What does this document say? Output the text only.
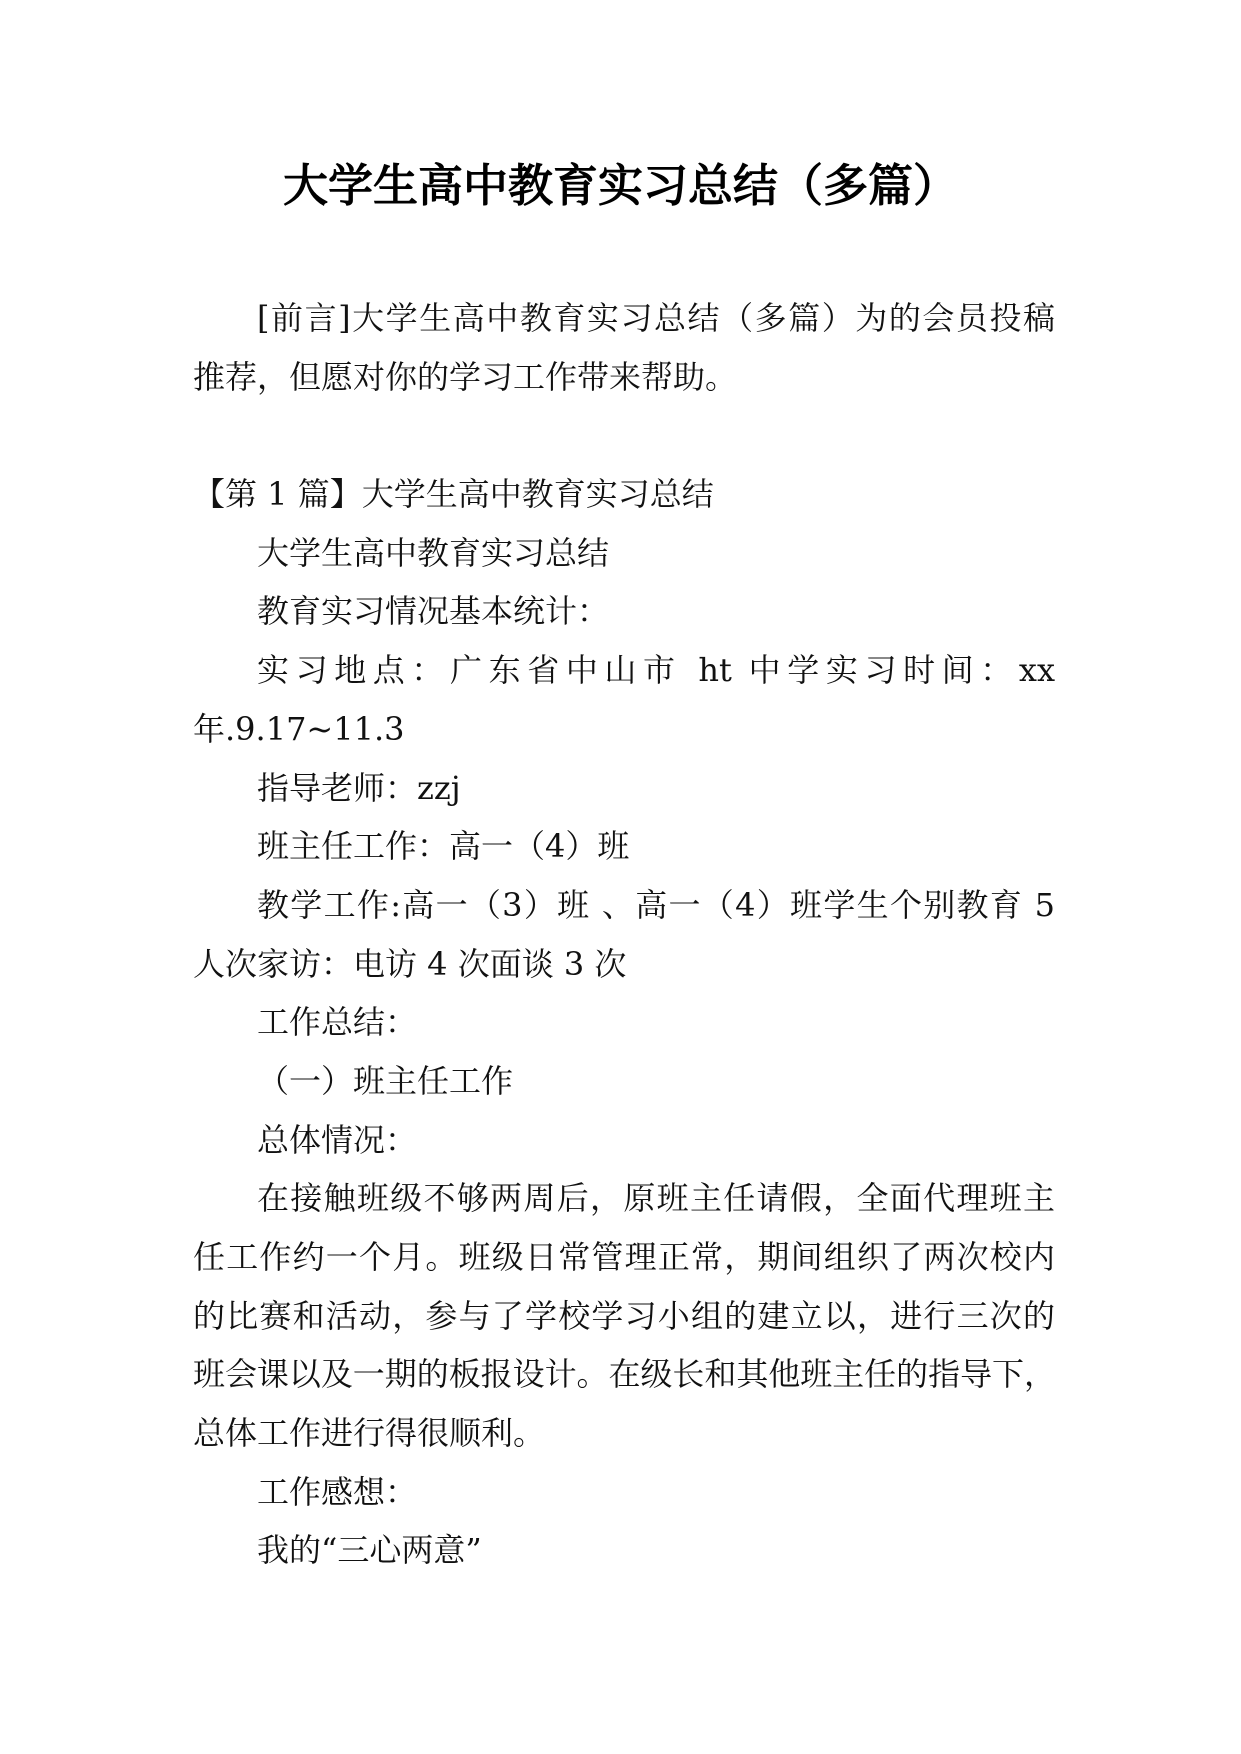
大学生高中教育实习总结（多篇）

[前言]大学生高中教育实习总结（多篇）为的会员投稿
推荐，但愿对你的学习工作带来帮助。

【第 1 篇】大学生高中教育实习总结
大学生高中教育实习总结
教育实习情况基本统计：

实习地点：广东省中山市 ht 中学实习时间：xx
年.9.17~11.3

指导老师：zzj
班主任工作：高一（4）班

教学工作:高一（3）班 、高一（4）班学生个别教育 5
人次家访：电访 4 次面谈 3 次

工作总结：
（一）班主任工作
总体情况：

在接触班级不够两周后，原班主任请假，全面代理班主
任工作约一个月。班级日常管理正常，期间组织了两次校内
的比赛和活动，参与了学校学习小组的建立以，进行三次的
班会课以及一期的板报设计。在级长和其他班主任的指导下，
总体工作进行得很顺利。

工作感想：
我的“三心两意”
